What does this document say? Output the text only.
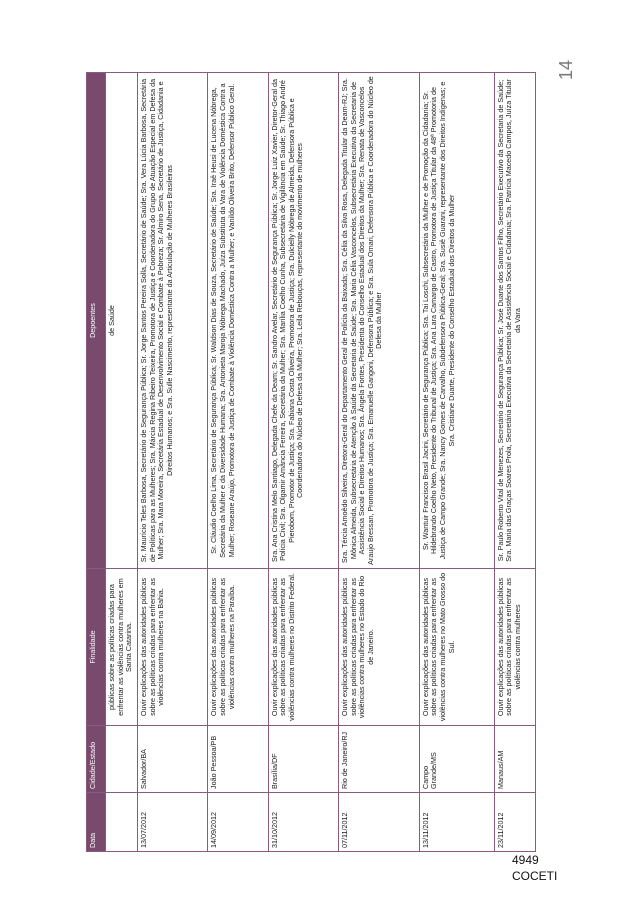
14
Data	Cidade/Estado	Finalidade	Depoentes
		públicas sobre as políticas criadas para enfrentar as violências contra mulheres em Santa Catarina.	de Saúde
13/07/2012	Salvador/BA	Ouvir explicações das autoridades públicas sobre as políticas criadas para enfrentar as violências contra mulheres na Bahia.	Sr. Maurício Teles Barbosa, Secretário de Segurança Pública; Sr. Jorge Santos Pereira Solla, Secretário de Saúde; Sra. Vera Lúcia Barbosa, Secretária de Políticas para as Mulheres; Sra. Márcia Regina Ribeiro Teixeira, Promotora de Justiça e Coordenadora do Grupo de Atuação Especial em Defesa da Mulher; Sra. Mara Moreira, Secretária Estadual de Desenvolvimento Social e Combate à Pobreza; Sr. Almiro Sena, Secretário de Justiça, Cidadania e Direitos Humanos; e Sra. Sulle Nascimento, representante da Articulação de Mulheres Brasileiras
14/09/2012	João Pessoa/PB	Ouvir explicações das autoridades públicas sobre as políticas criadas para enfrentar as violências contra mulheres na Paraíba.	Sr. Cláudio Coelho Lima, Secretário de Segurança Pública; Sr. Waldson Dias de Souza, Secretário de Saúde; Sra. Iraê Heusi de Lucena Nóbrega, Secretária da Mulher e da Diversidade Humana; Sra. Antonieta Maroja Nóbrega Machado, Juíza Substituta da Vara de Violência Doméstica Contra a Mulher; Roseane Araújo, Promotora de Justiça de Combate à Violência Doméstica Contra a Mulher; e Vanildo Oliveira Brito, Defensor Público Geral.
31/10/2012	Brasília/DF	Ouvir explicações das autoridades públicas sobre as políticas criadas para enfrentar as violências contra mulheres no Distrito Federal.	Sra. Ana Cristina Melo Santiago, Delegada Chefe da Deam; Sr. Sandro Avelar, Secretário de Segurança Pública; Sr. Jorge Luiz Xavier, Diretor-Geral da Polícia Civil; Sra. Olgamir Amância Ferreira, Secretária da Mulher; Sra. Marília Coelho Cunha, Subsecretária de Vigilância em Saúde; Sr. Thiago André Pierobom, Promotor de Justiça; Sra. Fabiana Costa Oliveira, Promotora de Justiça; Sra. Dulcielly Nóbrega de Almeida, Defensora Pública e Coordenadora do Núcleo de Defesa da Mulher; Sra. Leila Rebouças, representante do movimento de mulheres
07/11/2012	Rio de Janeiro/RJ	Ouvir explicações das autoridades públicas sobre as políticas criadas para enfrentar as violências contra mulheres no Estado do Rio de Janeiro.	Sra. Tércia Amoêdo Silveira, Diretora-Geral do Departamento Geral de Polícia da Baixada; Sra. Célia da Silva Rosa, Delegada Titular da Deam-RJ; Sra. Mônica Almeida, Subsecretária de Atenção à Saúde da Secretaria de Saúde; Sra. Maria Célia Vasconcelos, Subsecretária Executiva da Secretaria de Assistência Social e Direitos Humanos; Sra. Ângela Fontes, Presidenta do Conselho Estadual dos Direitos da Mulher; Sra. Renata de Vasconcelos Araujo Bressan, Promotora de Justiça; Sra. Emanuelle Gangoni, Defensora Pública; e Sra. Sula Ornari, Defensora Pública e Coordenadora do Núcleo de Defesa da Mulher
13/11/2012	Campo Grande/MS	Ouvir explicações das autoridades públicas sobre as políticas criadas para enfrentar as violências contra mulheres no Mato Grosso do Sul.	Sr. Wantuir Francisco Brasil Jacini, Secretário de Segurança Pública; Sra. Tai Loschi, Subsecretária da Mulher e de Promoção da Cidadania; Sr. Hildebrando Coelho Neto, Presidente do Tribunal de Justiça; Sra. Ana Lara Camargo de Castro, Promotora de Justiça Titular da 48ª Promotoria de Justiça de Campo Grande; Sra. Nancy Gomes de Carvalho, Subdefensora Pública-Geral; Sra. Susiê Guarani, representante dos Direitos Indígenas; e Sra. Cristiane Duarte, Presidente do Conselho Estadual dos Direitos da Mulher
23/11/2012	Manaus/AM	Ouvir explicações das autoridades públicas sobre as políticas criadas para enfrentar as violências contra mulheres	Sr. Paulo Roberto Vital de Menezes, Secretário de Segurança Pública; Sr. José Duarte dos Santos Filho, Secretário Executivo da Secretaria de Saúde; Sra. Maria das Graças Soares Prola, Secretária Executiva da Secretaria de Assistência Social e Cidadania; Sra. Patrícia Macedo Campos, Juíza Titular da Vara
4949
COCETI
